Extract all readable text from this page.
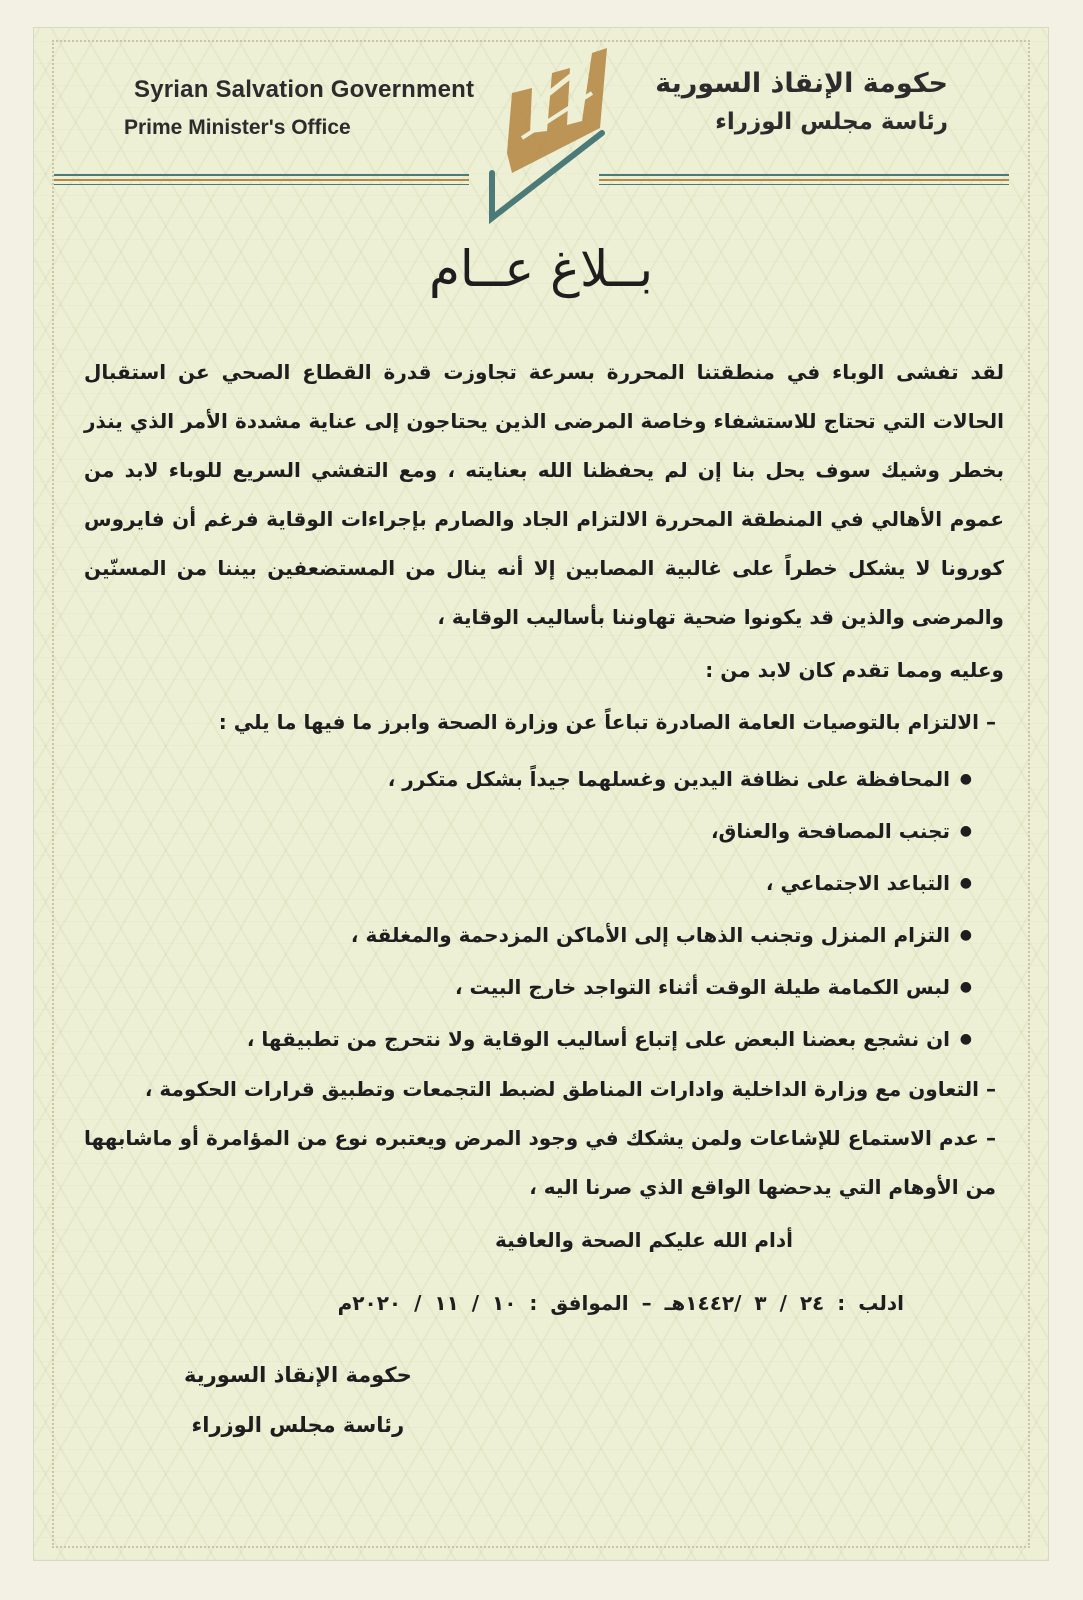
Syrian Salvation Government
Prime Minister's Office
حكومة الإنقاذ السورية
رئاسة مجلس الوزراء
بــلاغ عــام

لقد تفشى الوباء في منطقتنا المحررة بسرعة تجاوزت قدرة القطاع الصحي عن استقبال الحالات التي تحتاج للاستشفاء وخاصة المرضى الذين يحتاجون إلى عناية مشددة الأمر الذي ينذر بخطر وشيك سوف يحل بنا إن لم يحفظنا الله بعنايته ، ومع التفشي السريع للوباء لابد من عموم الأهالي في المنطقة المحررة الالتزام الجاد والصارم بإجراءات الوقاية فرغم أن فايروس كورونا لا يشكل خطراً على غالبية المصابين إلا أنه ينال من المستضعفين بيننا من المسنّين والمرضى والذين قد يكونوا ضحية تهاوننا بأساليب الوقاية ،

وعليه ومما تقدم كان لابد من :

– الالتزام بالتوصيات العامة الصادرة تباعاً عن وزارة الصحة وابرز ما فيها ما يلي :

● المحافظة على نظافة اليدين وغسلهما جيداً بشكل متكرر ،
● تجنب المصافحة والعناق،
● التباعد الاجتماعي ،
● التزام المنزل وتجنب الذهاب إلى الأماكن المزدحمة والمغلقة ،
● لبس الكمامة طيلة الوقت أثناء التواجد خارج البيت ،
● ان نشجع بعضنا البعض على إتباع أساليب الوقاية ولا نتحرج من تطبيقها ،

– التعاون مع وزارة الداخلية وادارات المناطق لضبط التجمعات وتطبيق قرارات الحكومة ،

– عدم الاستماع للإشاعات ولمن يشكك في وجود المرض ويعتبره نوع من المؤامرة أو ماشابهها من الأوهام التي يدحضها الواقع الذي صرنا اليه ،

أدام الله عليكم الصحة والعافية

ادلب : ٢٤ / ٣ /١٤٤٢هـ – الموافق : ١٠ / ١١ / ٢٠٢٠م

حكومة الإنقاذ السورية
رئاسة مجلس الوزراء
